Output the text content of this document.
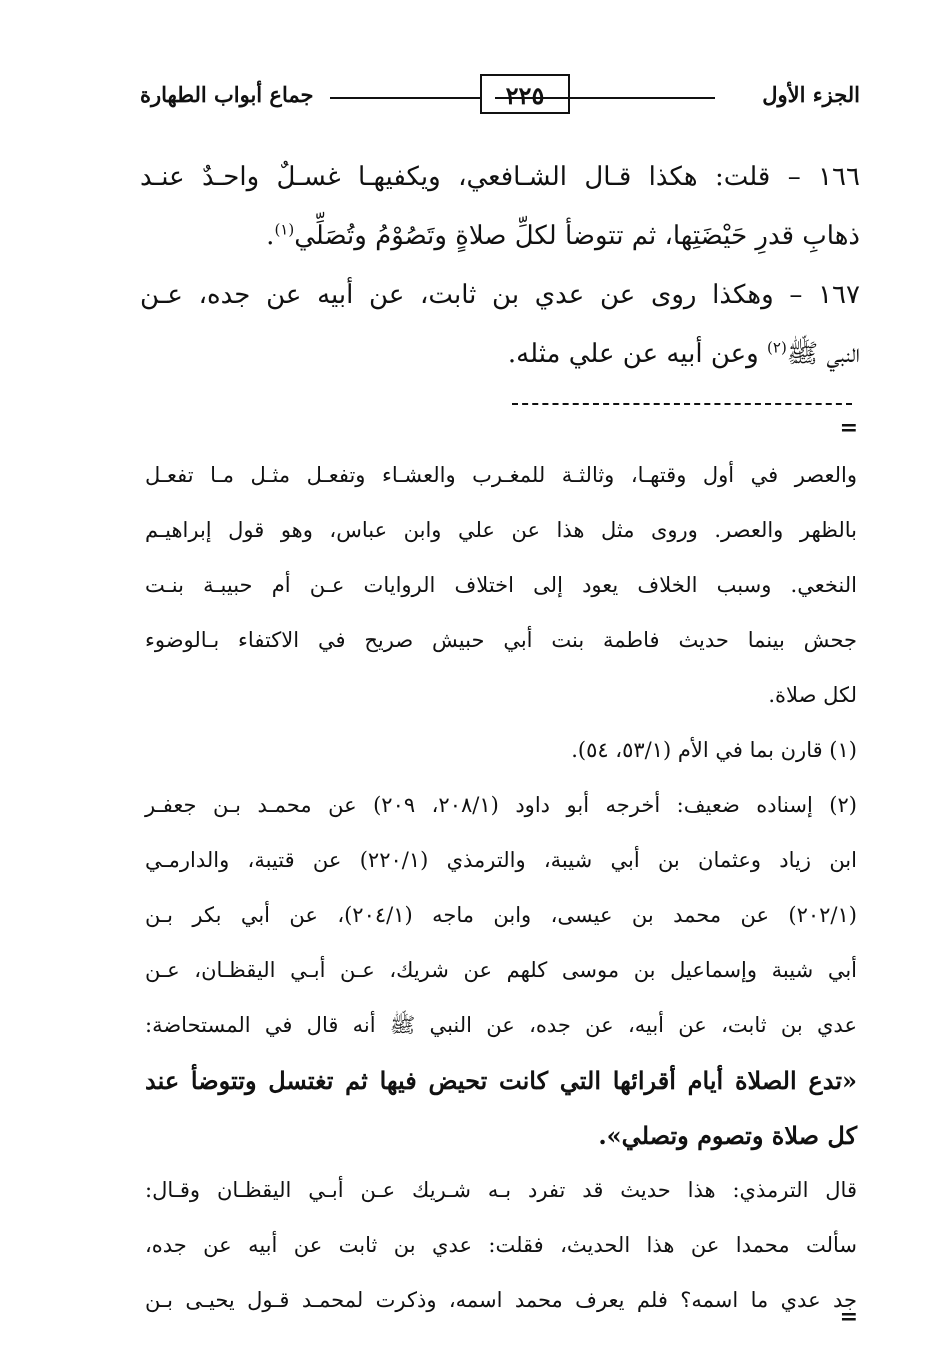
الجزء الأول
٢٢٥
جماع أبواب الطهارة

١٦٦ – قلت: هكذا قـال الشـافعي، ويكفيهـا غسـلٌ واحـدٌ عنـد

ذهابِ قدرِ حَيْضَتِها، ثم تتوضأ لكلِّ صلاةٍ وتَصُوْمُ وتُصَلِّي$^{(١)}$.

١٦٧ – وهكذا روى عن عدي بن ثابت، عن أبيه عن جده، عـن

النبي ﷺ$^{(٢)}$ وعن أبيه عن علي مثله.

=

والعصر في أول وقتهـا، وثالثـة للمغـرب والعشـاء وتفعـل مثـل مـا تفعـل

بالظهر والعصر. وروى مثل هذا عن علي وابن عباس، وهو قول إبراهيـم

النخعي. وسبب الخلاف يعود إلى اختلاف الروايات عـن أم حبيبـة بنـت

جحش بينما حديث فاطمة بنت أبي حبيش صريح في الاكتفاء بـالوضوء

لكل صلاة.

(١) قارن بما في الأم (٥٣/١، ٥٤).

(٢) إسناده ضعيف: أخرجه أبو داود (٢٠٨/١، ٢٠٩) عن محمـد بـن جعفـر

ابن زياد وعثمان بن أبي شيبة، والترمذي (٢٢٠/١) عن قتيبة، والدارمـي

(٢٠٢/١) عن محمد بن عيسى، وابن ماجه (٢٠٤/١)، عن أبي بكر بـن

أبي شيبة وإسماعيل بن موسى كلهم عن شريك، عـن أبـي اليقظـان، عـن

عدي بن ثابت، عن أبيه، عن جده، عن النبي ﷺ أنه قال في المستحاضة:

«تدع الصلاة أيام أقرائها التي كانت تحيض فيها ثم تغتسل وتتوضأ عند

كل صلاة وتصوم وتصلي».

قال الترمذي: هذا حديث قد تفرد بـه شـريك عـن أبـي اليقظـان وقـال:

سألت محمدا عن هذا الحديث، فقلت: عدي بن ثابت عن أبيه عن جده،

جد عدي ما اسمه؟ فلم يعرف محمد اسمه، وذكرت لمحمـد قـول يحيـى بـن

=
